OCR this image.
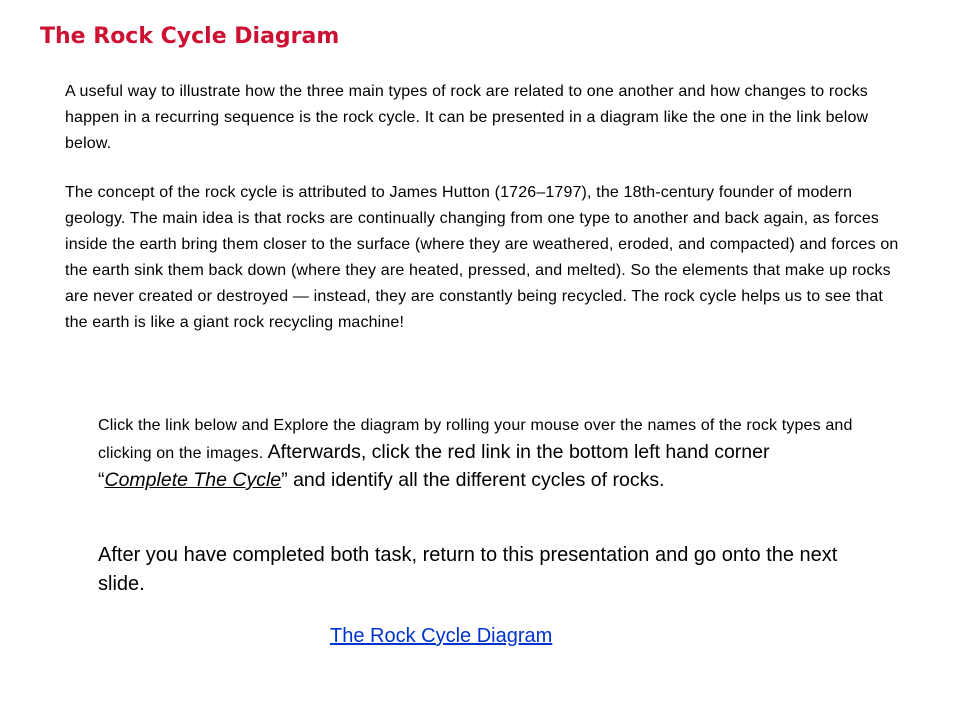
The Rock Cycle Diagram

A useful way to illustrate how the three main types of rock are related to one another and how changes to rocks happen in a recurring sequence is the rock cycle. It can be presented in a diagram like the one in the link below below.

The concept of the rock cycle is attributed to James Hutton (1726–1797), the 18th-century founder of modern geology. The main idea is that rocks are continually changing from one type to another and back again, as forces inside the earth bring them closer to the surface (where they are weathered, eroded, and compacted) and forces on the earth sink them back down (where they are heated, pressed, and melted). So the elements that make up rocks are never created or destroyed — instead, they are constantly being recycled. The rock cycle helps us to see that the earth is like a giant rock recycling machine!

Click the link below and Explore the diagram by rolling your mouse over the names of the rock types and clicking on the images. Afterwards, click the red link in the bottom left hand corner “Complete The Cycle” and identify all the different cycles of rocks.

After you have completed both task, return to this presentation and go onto the next slide.

The Rock Cycle Diagram
